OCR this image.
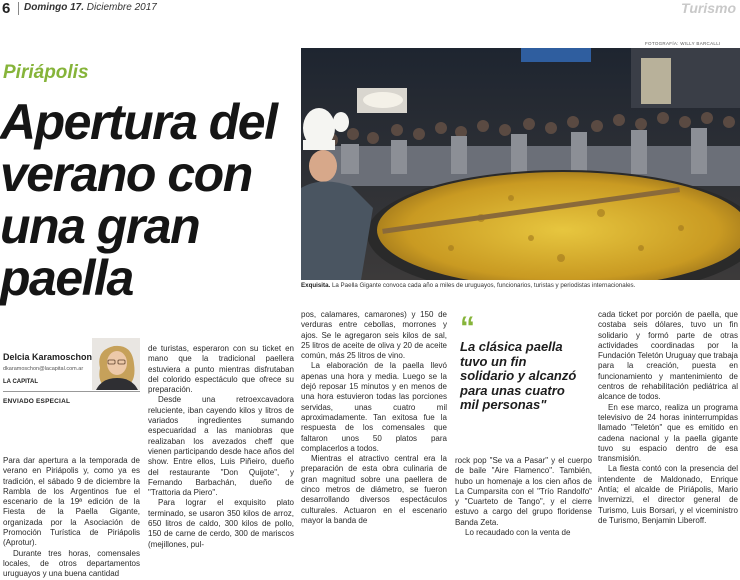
6 Domingo 17. Diciembre 2017	Turismo
Piriápolis
Apertura del verano con una gran paella
Delcia Karamoschon
dkaramoschon@lacapital.com.ar
LA CAPITAL
ENVIADO ESPECIAL

Para dar apertura a la temporada de verano en Piriápolis y, como ya es tradición, el sábado 9 de diciembre la Rambla de los Argentinos fue el escenario de la 19ª edición de la Fiesta de la Paella Gigante, organizada por la Asociación de Promoción Turística de Piriápolis (Aprotur).

Durante tres horas, comensales locales, de otros departamentos uruguayos y una buena cantidad

de turistas, esperaron con su ticket en mano que la tradicional paellera estuviera a punto mientras disfrutaban del colorido espectáculo que ofrece su preparación.

Desde una retroexcavadora reluciente, iban cayendo kilos y litros de variados ingredientes sumando especuaridad a las maniobras que realizaban los avezados cheff que vienen participando desde hace años del show. Entre ellos, Luis Piñeiro, dueño del restaurante "Don Quijote", y Fernando Barbachán, dueño de "Trattoria da Piero".

Para lograr el exquisito plato terminado, se usaron 350 kilos de arroz, 650 litros de caldo, 300 kilos de pollo, 150 de carne de cerdo, 300 de mariscos (mejillones, pul-

pos, calamares, camarones) y 150 de verduras entre cebollas, morrones y ajos. Se le agregaron seis kilos de sal, 25 litros de aceite de oliva y 20 de aceite común, más 25 litros de vino.

La elaboración de la paella llevó apenas una hora y media. Luego se la dejó reposar 15 minutos y en menos de una hora estuvieron todas las porciones servidas, unas cuatro mil aproximadamente. Tan exitosa fue la respuesta de los comensales que faltaron unos 50 platos para complacerlos a todos.

Mientras el atractivo central era la preparación de esta obra culinaria de gran magnitud sobre una paellera de cinco metros de diámetro, se fueron desarrollando diversos espectáculos culturales. Actuaron en el escenario mayor la banda de

rock pop "Se va a Pasar" y el cuerpo de baile "Aire Flamenco". También, hubo un homenaje a los cien años de La Cumparsita con el "Trío Randolfo" y "Cuarteto de Tango", y el cierre estuvo a cargo del grupo floridense Banda Zeta.

Lo recaudado con la venta de

cada ticket por porción de paella, que costaba seis dólares, tuvo un fin solidario y formó parte de otras actividades coordinadas por la Fundación Teletón Uruguay que trabaja para la creación, puesta en funcionamiento y mantenimiento de centros de rehabilitación pediátrica al alcance de todos.

En ese marco, realiza un programa televisivo de 24 horas ininterrumpidas llamado "Teletón" que es emitido en cadena nacional y la paella gigante tuvo su espacio dentro de esa transmisión.

La fiesta contó con la presencia del intendente de Maldonado, Enrique Antía; el alcalde de Piriápolis, Mario Invernizzi, el director general de Turismo, Luis Borsari, y el viceministro de Turismo, Benjamin Liberoff.

“
La clásica paella tuvo un fin solidario y alcanzó para unas cuatro mil personas"
FOTOGRAFÍA: WILLY BARCALLI
Exquisita. La Paella Gigante convoca cada año a miles de uruguayos, funcionarios, turistas y periodistas internacionales.
